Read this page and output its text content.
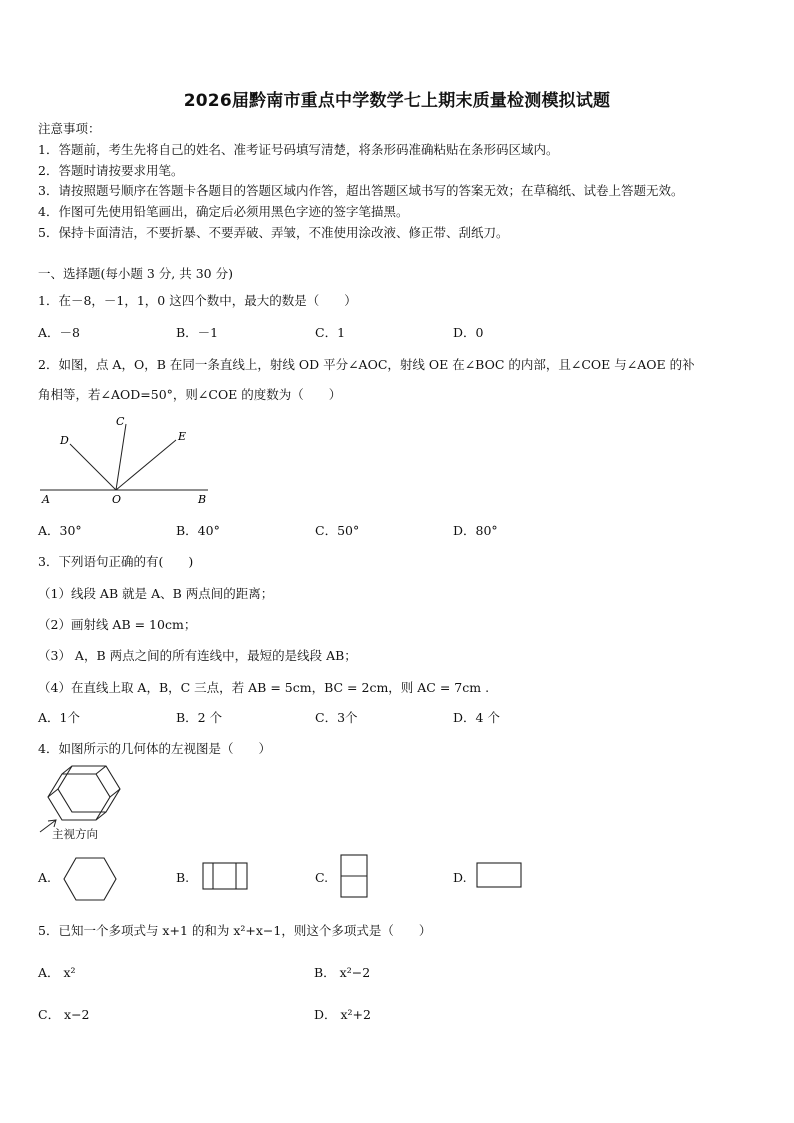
2026届黔南市重点中学数学七上期末质量检测模拟试题
注意事项：
1．答题前，考生先将自己的姓名、准考证号码填写清楚，将条形码准确粘贴在条形码区域内。
2．答题时请按要求用笔。
3．请按照题号顺序在答题卡各题目的答题区域内作答，超出答题区域书写的答案无效；在草稿纸、试卷上答题无效。
4．作图可先使用铅笔画出，确定后必须用黑色字迹的签字笔描黑。
5．保持卡面清洁，不要折暴、不要弄破、弄皱，不准使用涂改液、修正带、刮纸刀。
一、选择题(每小题 3 分, 共 30 分)
1．在－8，－1，1，0 这四个数中，最大的数是（　　）
A．－8	B．－1	C．1	D．0
2．如图，点 A，O，B 在同一条直线上，射线 OD 平分∠AOC，射线 OE 在∠BOC 的内部，且∠COE 与∠AOE 的补
角相等，若∠AOD=50°，则∠COE 的度数为（　　）
A	O	B
C
D	E
A．30°	B．40°	C．50°	D．80°
3．下列语句正确的有(　　)
（1）线段 AB 就是 A、B 两点间的距离；
（2）画射线 AB = 10cm；
（3） A，B 两点之间的所有连线中，最短的是线段 AB；
（4）在直线上取 A，B，C 三点，若 AB = 5cm，BC = 2cm，则 AC = 7cm .
A．1个	B．2 个	C．3个	D．4 个
4．如图所示的几何体的左视图是（　　）
主视方向
A.	B.	C.	D.
5．已知一个多项式与 x+1 的和为 x²+x−1，则这个多项式是（　　）
A． x²	B． x²−2
C． x−2	D． x²+2
